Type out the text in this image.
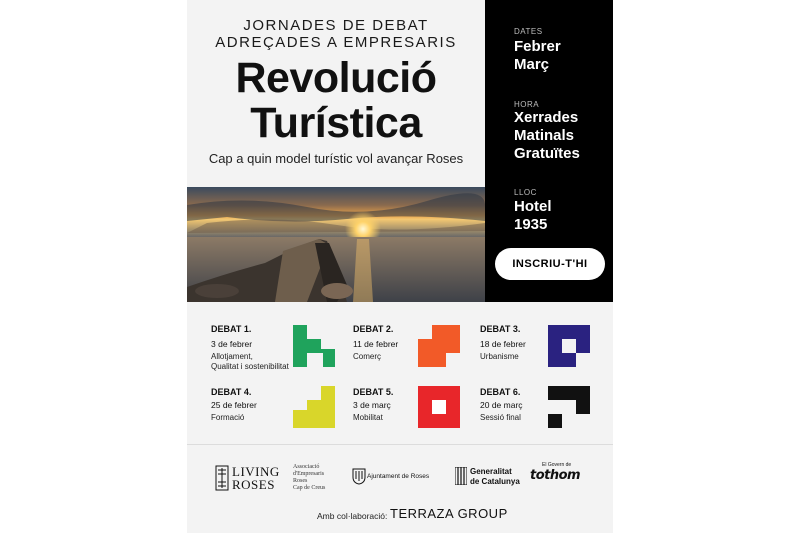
JORNADES DE DEBAT
ADREÇADES A EMPRESARIS
Revolució
Turística
Cap a quin model turístic vol avançar Roses
DATES
Febrer
Març
HORA
Xerrades
Matinals
Gratuïtes
LLOC
Hotel
1935
INSCRIU-T'HI
DEBAT 1.
3 de febrer
Allotjament,
Qualitat i sostenibilitat
DEBAT 2.
11 de febrer
Comerç
DEBAT 3.
18 de febrer
Urbanisme
DEBAT 4.
25 de febrer
Formació
DEBAT 5.
3 de març
Mobilitat
DEBAT 6.
20 de març
Sessió final
LIVING
ROSES
Associació
d'Empresaris
Roses
Cap de Creus
Ajuntament de Roses
Generalitat
de Catalunya
El Govern de
tothom
Amb col·laboració: TERRAZA GROUP
